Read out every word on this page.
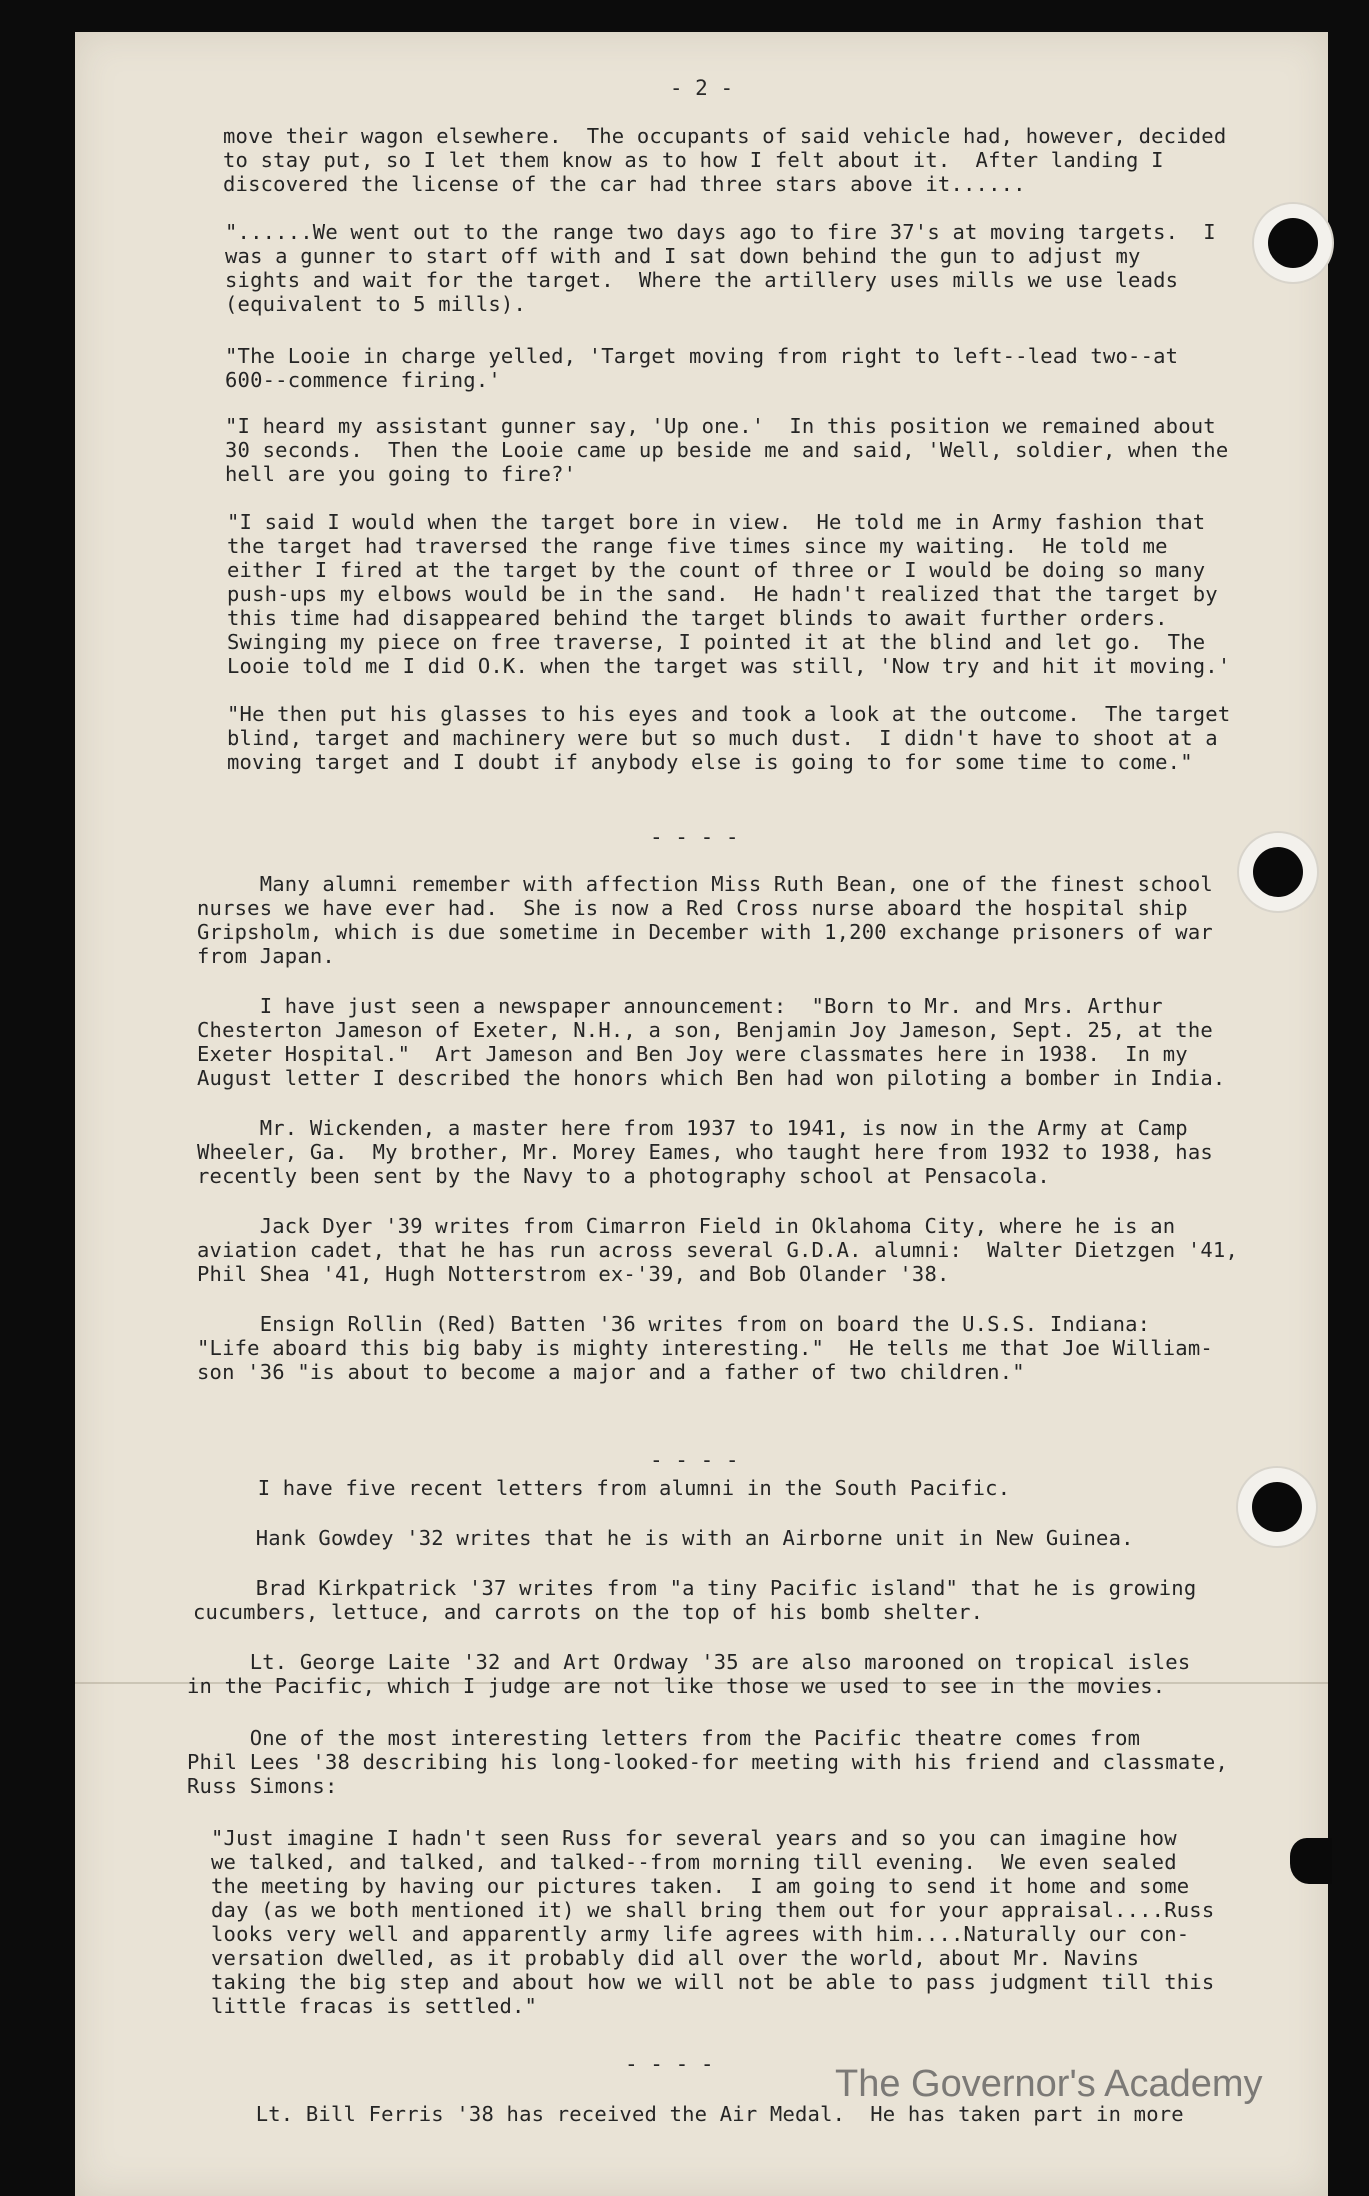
- 2 -
move their wagon elsewhere.  The occupants of said vehicle had, however, decided
to stay put, so I let them know as to how I felt about it.  After landing I
discovered the license of the car had three stars above it......
"......We went out to the range two days ago to fire 37's at moving targets.  I
was a gunner to start off with and I sat down behind the gun to adjust my
sights and wait for the target.  Where the artillery uses mills we use leads
(equivalent to 5 mills).
"The Looie in charge yelled, 'Target moving from right to left--lead two--at
600--commence firing.'
"I heard my assistant gunner say, 'Up one.'  In this position we remained about
30 seconds.  Then the Looie came up beside me and said, 'Well, soldier, when the
hell are you going to fire?'
"I said I would when the target bore in view.  He told me in Army fashion that
the target had traversed the range five times since my waiting.  He told me
either I fired at the target by the count of three or I would be doing so many
push-ups my elbows would be in the sand.  He hadn't realized that the target by
this time had disappeared behind the target blinds to await further orders.
Swinging my piece on free traverse, I pointed it at the blind and let go.  The
Looie told me I did O.K. when the target was still, 'Now try and hit it moving.'
"He then put his glasses to his eyes and took a look at the outcome.  The target
blind, target and machinery were but so much dust.  I didn't have to shoot at a
moving target and I doubt if anybody else is going to for some time to come."
Many alumni remember with affection Miss Ruth Bean, one of the finest school
nurses we have ever had.  She is now a Red Cross nurse aboard the hospital ship
Gripsholm, which is due sometime in December with 1,200 exchange prisoners of war
from Japan.
I have just seen a newspaper announcement:  "Born to Mr. and Mrs. Arthur
Chesterton Jameson of Exeter, N.H., a son, Benjamin Joy Jameson, Sept. 25, at the
Exeter Hospital."  Art Jameson and Ben Joy were classmates here in 1938.  In my
August letter I described the honors which Ben had won piloting a bomber in India.
Mr. Wickenden, a master here from 1937 to 1941, is now in the Army at Camp
Wheeler, Ga.  My brother, Mr. Morey Eames, who taught here from 1932 to 1938, has
recently been sent by the Navy to a photography school at Pensacola.
Jack Dyer '39 writes from Cimarron Field in Oklahoma City, where he is an
aviation cadet, that he has run across several G.D.A. alumni:  Walter Dietzgen '41,
Phil Shea '41, Hugh Notterstrom ex-'39, and Bob Olander '38.
Ensign Rollin (Red) Batten '36 writes from on board the U.S.S. Indiana:
"Life aboard this big baby is mighty interesting."  He tells me that Joe William-
son '36 "is about to become a major and a father of two children."
I have five recent letters from alumni in the South Pacific.
Hank Gowdey '32 writes that he is with an Airborne unit in New Guinea.
Brad Kirkpatrick '37 writes from "a tiny Pacific island" that he is growing
cucumbers, lettuce, and carrots on the top of his bomb shelter.
Lt. George Laite '32 and Art Ordway '35 are also marooned on tropical isles
in the Pacific, which I judge are not like those we used to see in the movies.
One of the most interesting letters from the Pacific theatre comes from
Phil Lees '38 describing his long-looked-for meeting with his friend and classmate,
Russ Simons:
"Just imagine I hadn't seen Russ for several years and so you can imagine how
we talked, and talked, and talked--from morning till evening.  We even sealed
the meeting by having our pictures taken.  I am going to send it home and some
day (as we both mentioned it) we shall bring them out for your appraisal....Russ
looks very well and apparently army life agrees with him....Naturally our con-
versation dwelled, as it probably did all over the world, about Mr. Navins
taking the big step and about how we will not be able to pass judgment till this
little fracas is settled."
Lt. Bill Ferris '38 has received the Air Medal.  He has taken part in more
- - - -
- - - -
- - - -	The Governor's Academy
